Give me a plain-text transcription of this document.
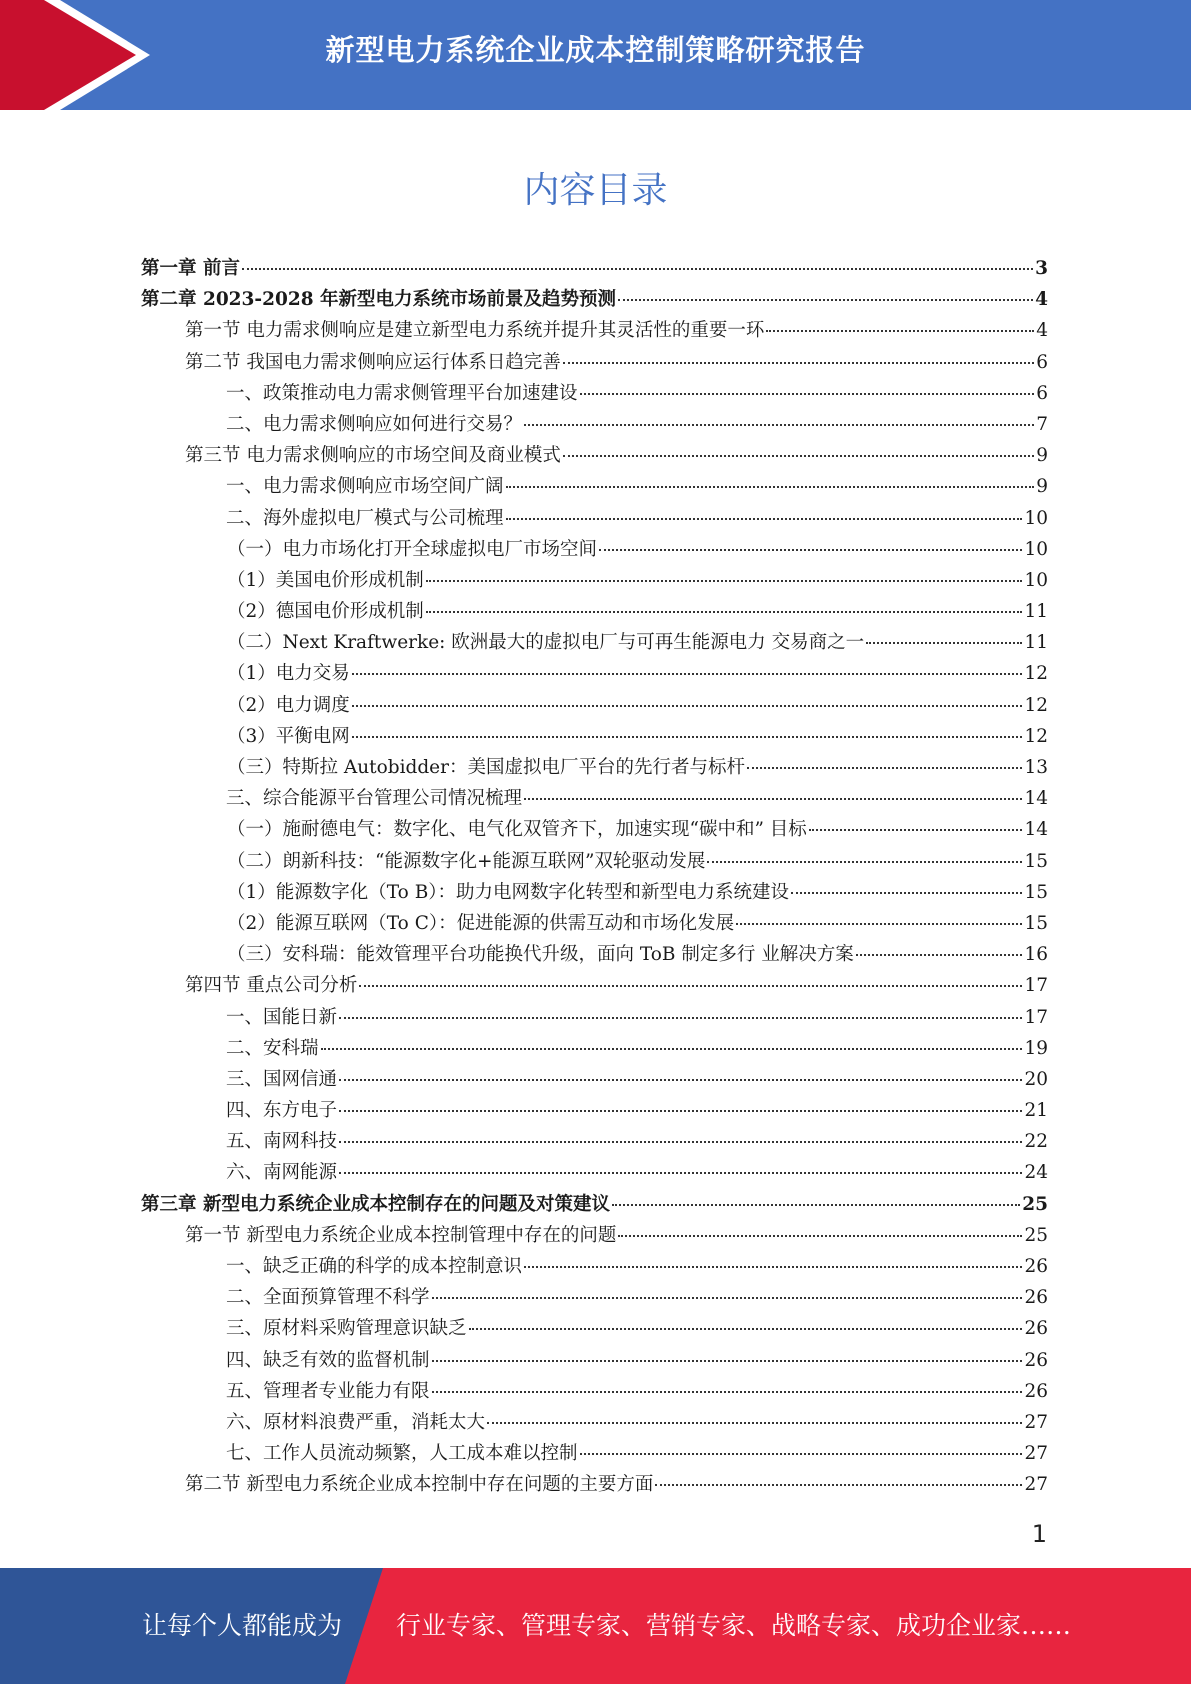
新型电力系统企业成本控制策略研究报告
内容目录
第一章 前言	3
第二章 2023-2028 年新型电力系统市场前景及趋势预测	4
第一节 电力需求侧响应是建立新型电力系统并提升其灵活性的重要一环	4
第二节 我国电力需求侧响应运行体系日趋完善	6
一、政策推动电力需求侧管理平台加速建设	6
二、电力需求侧响应如何进行交易？	7
第三节 电力需求侧响应的市场空间及商业模式	9
一、电力需求侧响应市场空间广阔	9
二、海外虚拟电厂模式与公司梳理	10
（一）电力市场化打开全球虚拟电厂市场空间	10
（1）美国电价形成机制	10
（2）德国电价形成机制	11
（二）Next Kraftwerke: 欧洲最大的虚拟电厂与可再生能源电力 交易商之一	11
（1）电力交易	12
（2）电力调度	12
（3）平衡电网	12
（三）特斯拉 Autobidder：美国虚拟电厂平台的先行者与标杆	13
三、综合能源平台管理公司情况梳理	14
（一）施耐德电气：数字化、电气化双管齐下，加速实现“碳中和” 目标	14
（二）朗新科技：“能源数字化+能源互联网”双轮驱动发展	15
（1）能源数字化（To B）：助力电网数字化转型和新型电力系统建设	15
（2）能源互联网（To C）：促进能源的供需互动和市场化发展	15
（三）安科瑞：能效管理平台功能换代升级，面向 ToB 制定多行 业解决方案	16
第四节 重点公司分析	17
一、国能日新	17
二、安科瑞	19
三、国网信通	20
四、东方电子	21
五、南网科技	22
六、南网能源	24
第三章 新型电力系统企业成本控制存在的问题及对策建议	25
第一节 新型电力系统企业成本控制管理中存在的问题	25
一、缺乏正确的科学的成本控制意识	26
二、全面预算管理不科学	26
三、原材料采购管理意识缺乏	26
四、缺乏有效的监督机制	26
五、管理者专业能力有限	26
六、原材料浪费严重，消耗太大	27
七、工作人员流动频繁，人工成本难以控制	27
第二节 新型电力系统企业成本控制中存在问题的主要方面	27
1
让每个人都能成为 行业专家、管理专家、营销专家、战略专家、成功企业家……
